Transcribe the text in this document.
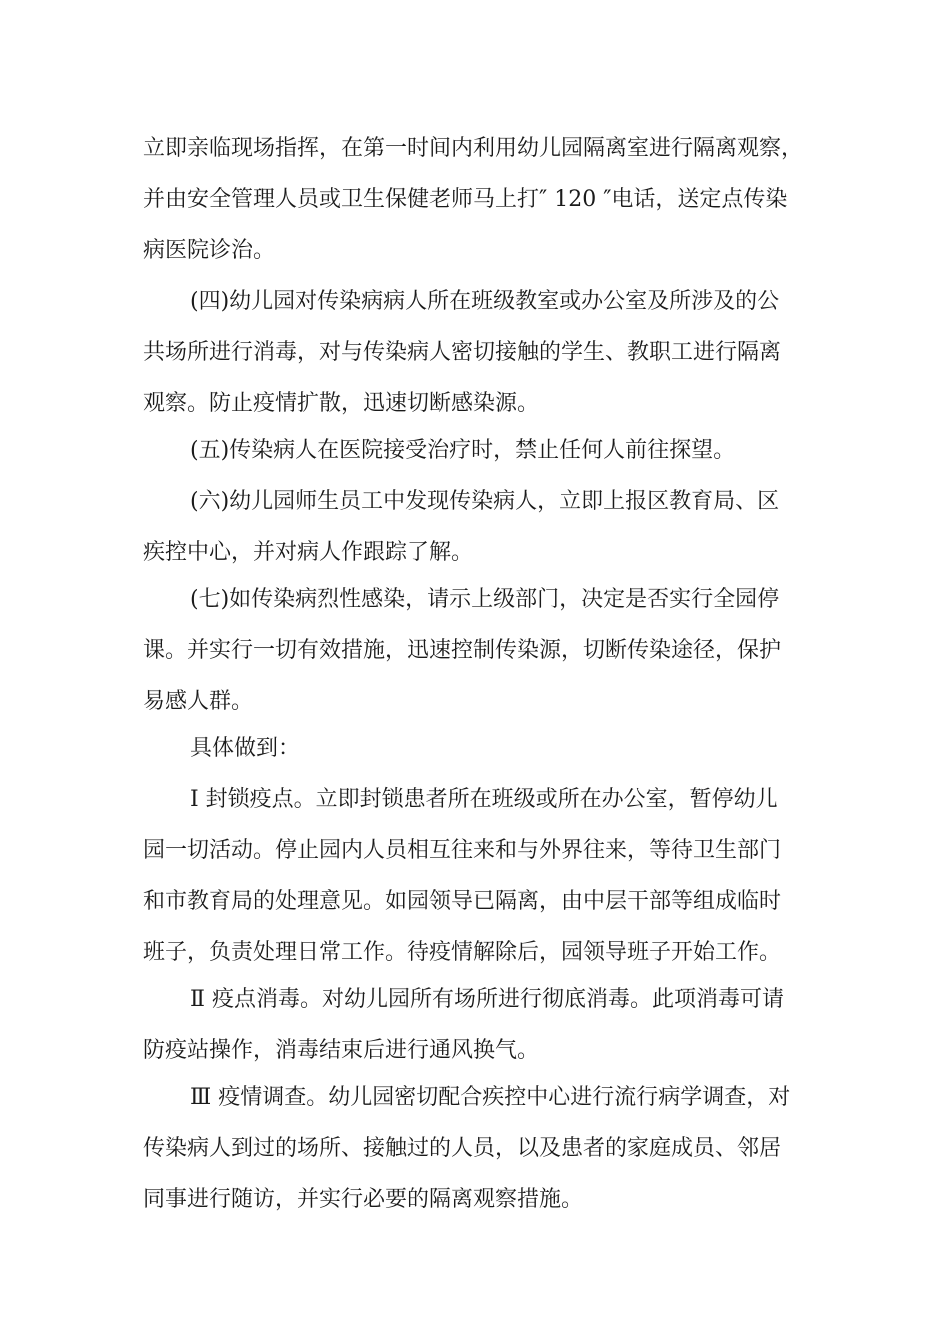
立即亲临现场指挥，在第一时间内利用幼儿园隔离室进行隔离观察，
并由安全管理人员或卫生保健老师马上打″ 120 ″电话，送定点传染
病医院诊治。
(四)幼儿园对传染病病人所在班级教室或办公室及所涉及的公
共场所进行消毒，对与传染病人密切接触的学生、教职工进行隔离
观察。防止疫情扩散，迅速切断感染源。
(五)传染病人在医院接受治疗时，禁止任何人前往探望。
(六)幼儿园师生员工中发现传染病人，立即上报区教育局、区
疾控中心，并对病人作跟踪了解。
(七)如传染病烈性感染，请示上级部门，决定是否实行全园停
课。并实行一切有效措施，迅速控制传染源，切断传染途径，保护
易感人群。
具体做到：
Ⅰ 封锁疫点。立即封锁患者所在班级或所在办公室，暂停幼儿
园一切活动。停止园内人员相互往来和与外界往来，等待卫生部门
和市教育局的处理意见。如园领导已隔离，由中层干部等组成临时
班子，负责处理日常工作。待疫情解除后，园领导班子开始工作。
Ⅱ 疫点消毒。对幼儿园所有场所进行彻底消毒。此项消毒可请
防疫站操作，消毒结束后进行通风换气。
Ⅲ 疫情调查。幼儿园密切配合疾控中心进行流行病学调查，对
传染病人到过的场所、接触过的人员，以及患者的家庭成员、邻居
同事进行随访，并实行必要的隔离观察措施。
